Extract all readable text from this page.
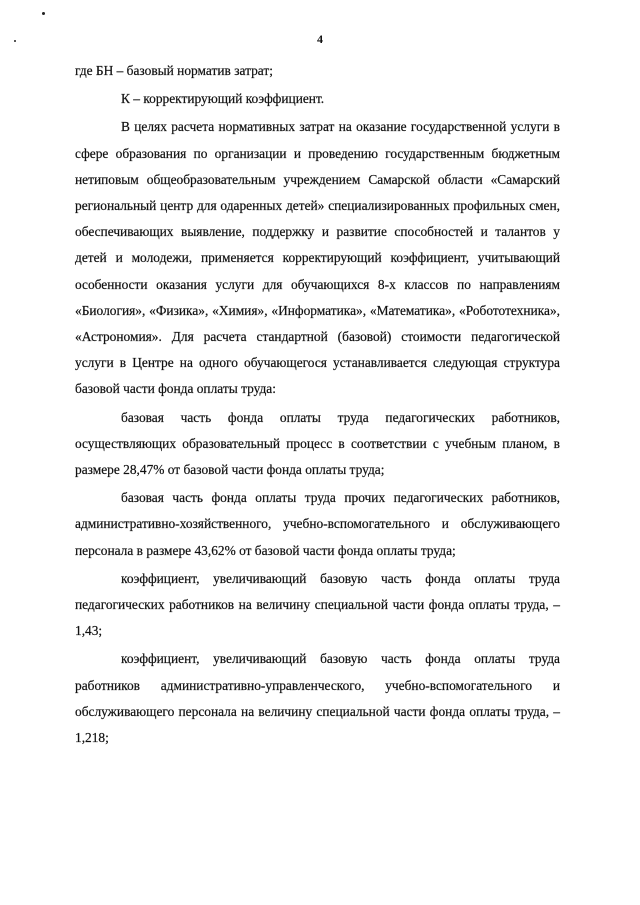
4

где БН – базовый норматив затрат;

К – корректирующий коэффициент.

В целях расчета нормативных затрат на оказание государственной услуги в сфере образования по организации и проведению государственным бюджетным нетиповым общеобразовательным учреждением Самарской области «Самарский региональный центр для одаренных детей» специализированных профильных смен, обеспечивающих выявление, поддержку и развитие способностей и талантов у детей и молодежи, применяется корректирующий коэффициент, учитывающий особенности оказания услуги для обучающихся 8-х классов по направлениям «Биология», «Физика», «Химия», «Информатика», «Математика», «Робототехника», «Астрономия». Для расчета стандартной (базовой) стоимости педагогической услуги в Центре на одного обучающегося устанавливается следующая структура базовой части фонда оплаты труда:

базовая часть фонда оплаты труда педагогических работников, осуществляющих образовательный процесс в соответствии с учебным планом, в размере 28,47% от базовой части фонда оплаты труда;

базовая часть фонда оплаты труда прочих педагогических работников, административно-хозяйственного, учебно-вспомогательного и обслуживающего персонала в размере 43,62% от базовой части фонда оплаты труда;

коэффициент, увеличивающий базовую часть фонда оплаты труда педагогических работников на величину специальной части фонда оплаты труда, – 1,43;

коэффициент, увеличивающий базовую часть фонда оплаты труда работников административно-управленческого, учебно-вспомогательного и обслуживающего персонала на величину специальной части фонда оплаты труда, – 1,218;
